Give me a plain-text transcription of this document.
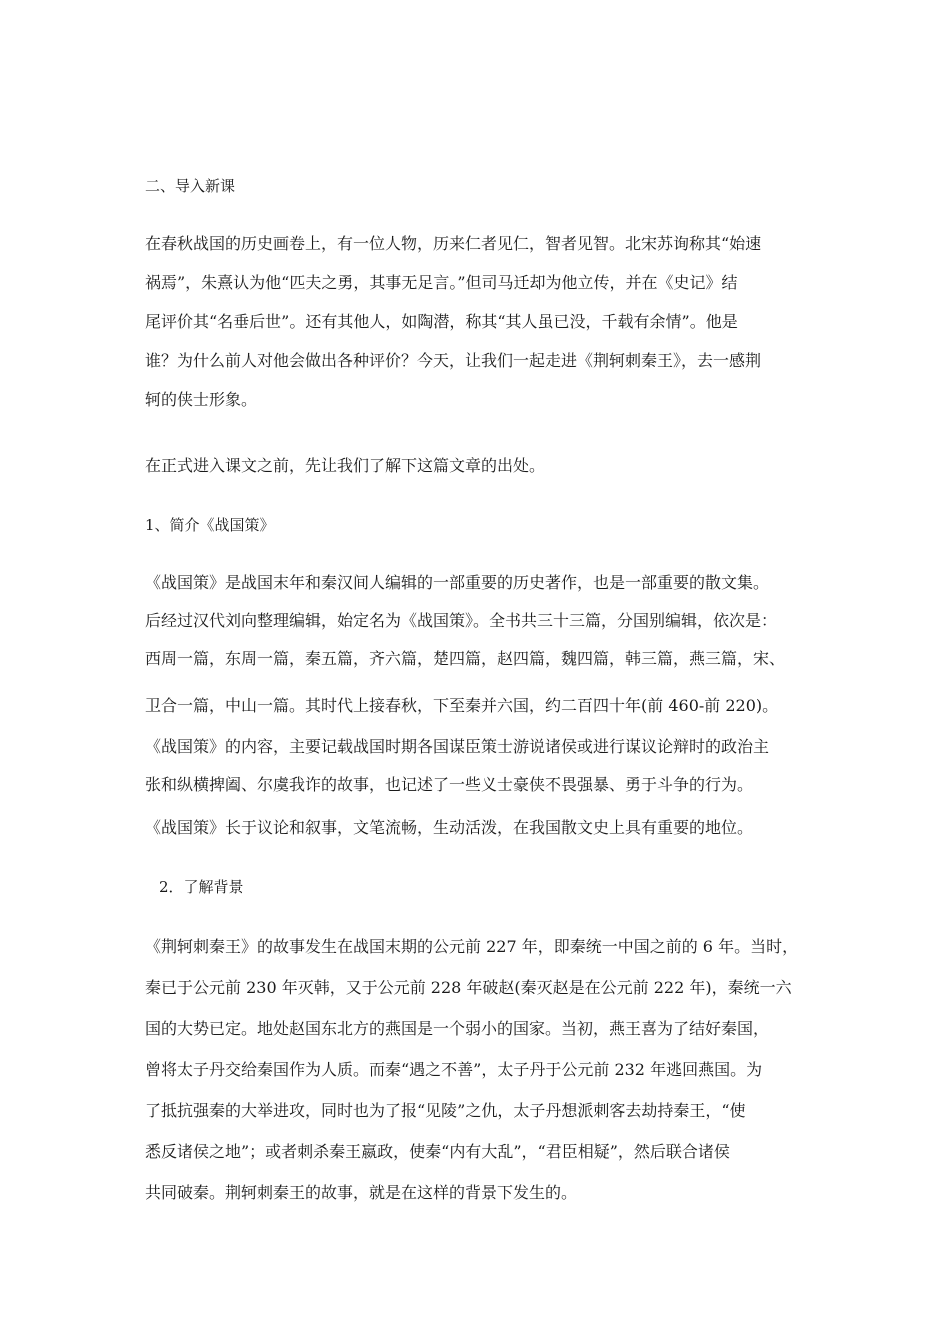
二、导入新课
在春秋战国的历史画卷上，有一位人物，历来仁者见仁，智者见智。北宋苏询称其“始速
祸焉”，朱熹认为他“匹夫之勇，其事无足言。”但司马迁却为他立传，并在《史记》结
尾评价其“名垂后世”。还有其他人，如陶潜，称其“其人虽已没，千载有余情”。他是
谁？为什么前人对他会做出各种评价？今天，让我们一起走进《荆轲刺秦王》，去一感荆
轲的侠士形象。
在正式进入课文之前，先让我们了解下这篇文章的出处。
1、简介《战国策》
《战国策》是战国末年和秦汉间人编辑的一部重要的历史著作，也是一部重要的散文集。
后经过汉代刘向整理编辑，始定名为《战国策》。全书共三十三篇，分国别编辑，依次是：
西周一篇，东周一篇，秦五篇，齐六篇，楚四篇，赵四篇，魏四篇，韩三篇，燕三篇，宋、
卫合一篇，中山一篇。其时代上接春秋，下至秦并六国，约二百四十年(前 460-前 220)。
《战国策》的内容，主要记载战国时期各国谋臣策士游说诸侯或进行谋议论辩时的政治主
张和纵横捭阖、尔虞我诈的故事，也记述了一些义士豪侠不畏强暴、勇于斗争的行为。
《战国策》长于议论和叙事，文笔流畅，生动活泼，在我国散文史上具有重要的地位。
2．了解背景
《荆轲刺秦王》的故事发生在战国末期的公元前 227 年，即秦统一中国之前的 6 年。当时，
秦已于公元前 230 年灭韩，又于公元前 228 年破赵(秦灭赵是在公元前 222 年)，秦统一六
国的大势已定。地处赵国东北方的燕国是一个弱小的国家。当初，燕王喜为了结好秦国，
曾将太子丹交给秦国作为人质。而秦“遇之不善”，太子丹于公元前 232 年逃回燕国。为
了抵抗强秦的大举进攻，同时也为了报“见陵”之仇，太子丹想派刺客去劫持秦王，“使
悉反诸侯之地”；或者刺杀秦王嬴政，使秦“内有大乱”，“君臣相疑”，然后联合诸侯
共同破秦。荆轲刺秦王的故事，就是在这样的背景下发生的。
